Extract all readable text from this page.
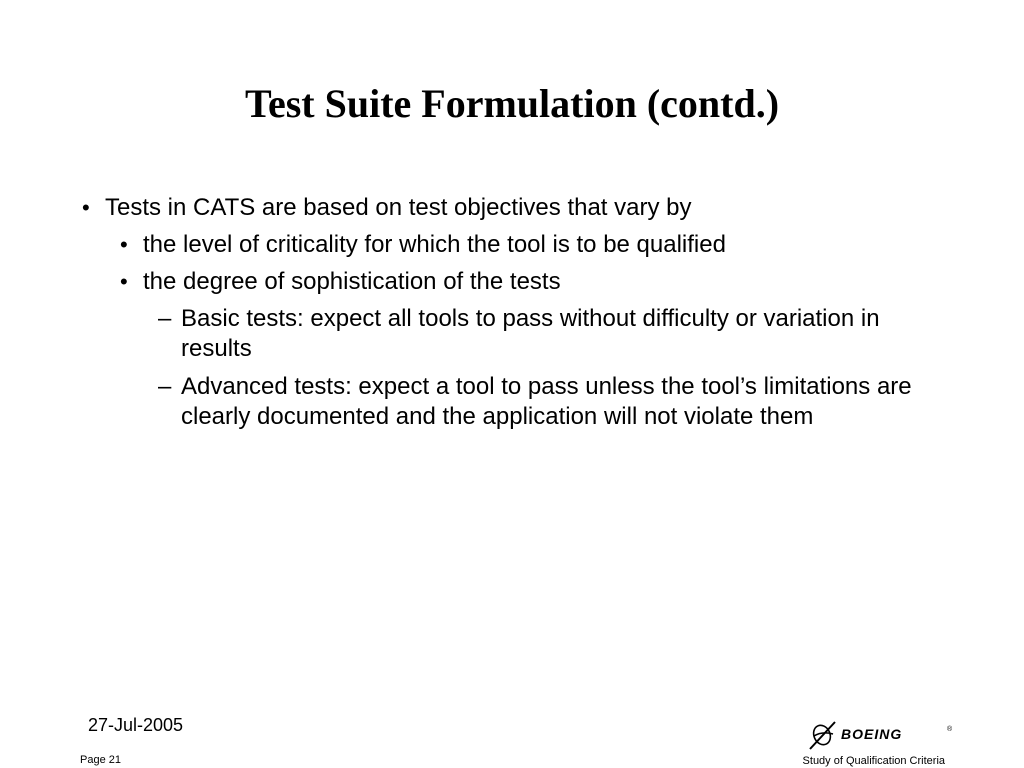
Test Suite Formulation (contd.)
• Tests in CATS are based on test objectives that vary by
• the level of criticality for which the tool is to be qualified
• the degree of sophistication of the tests
– Basic tests: expect all tools to pass without difficulty or variation in results
– Advanced tests: expect a tool to pass unless the tool’s limitations are clearly documented and the application will not violate them
27-Jul-2005
Page 21
BOEING	®
Study of Qualification Criteria
